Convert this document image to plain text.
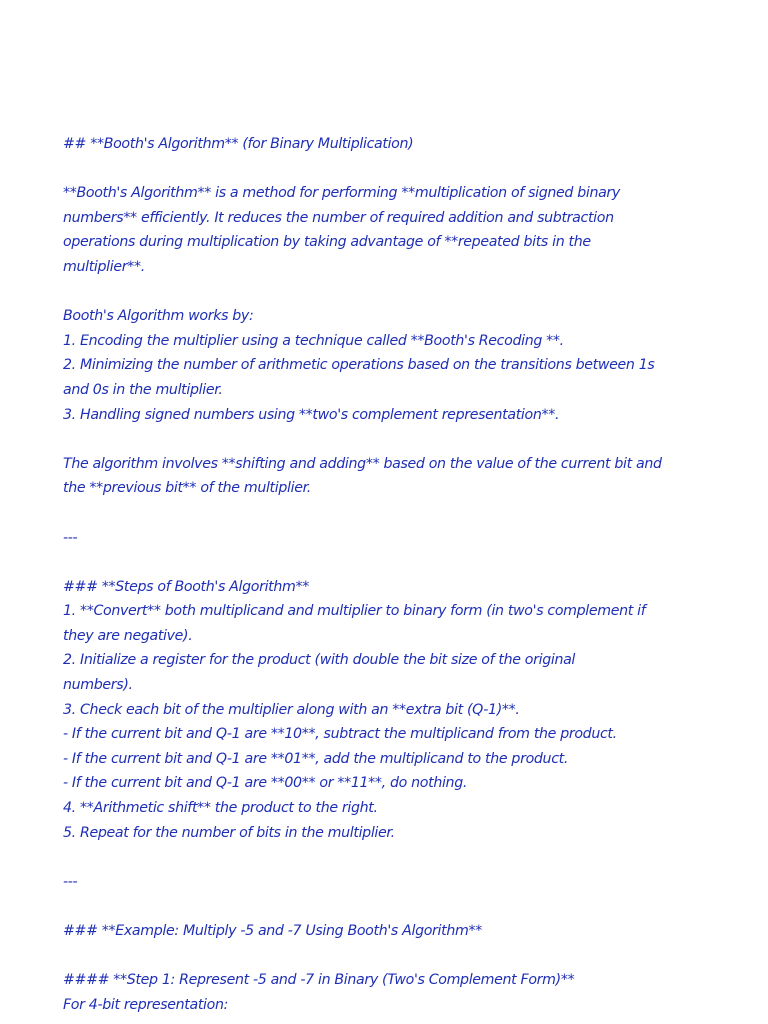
## **Booth's Algorithm** (for Binary Multiplication)
**Booth's Algorithm** is a method for performing **multiplication of signed binary
numbers** efficiently. It reduces the number of required addition and subtraction
operations during multiplication by taking advantage of **repeated bits in the
multiplier**.
Booth's Algorithm works by:
1. Encoding the multiplier using a technique called **Booth's Recoding **.
2. Minimizing the number of arithmetic operations based on the transitions between 1s
and 0s in the multiplier.
3. Handling signed numbers using **two's complement representation**.
The algorithm involves **shifting and adding** based on the value of the current bit and
the **previous bit** of the multiplier.
---
### **Steps of Booth's Algorithm**
1. **Convert** both multiplicand and multiplier to binary form (in two's complement if
they are negative).
2. Initialize a register for the product (with double the bit size of the original
numbers).
3. Check each bit of the multiplier along with an **extra bit (Q-1)**.
- If the current bit and Q-1 are **10**, subtract the multiplicand from the product.
- If the current bit and Q-1 are **01**, add the multiplicand to the product.
- If the current bit and Q-1 are **00** or **11**, do nothing.
4. **Arithmetic shift** the product to the right.
5. Repeat for the number of bits in the multiplier.
---
### **Example: Multiply -5 and -7 Using Booth's Algorithm**
#### **Step 1: Represent -5 and -7 in Binary (Two's Complement Form)**
For 4-bit representation:
